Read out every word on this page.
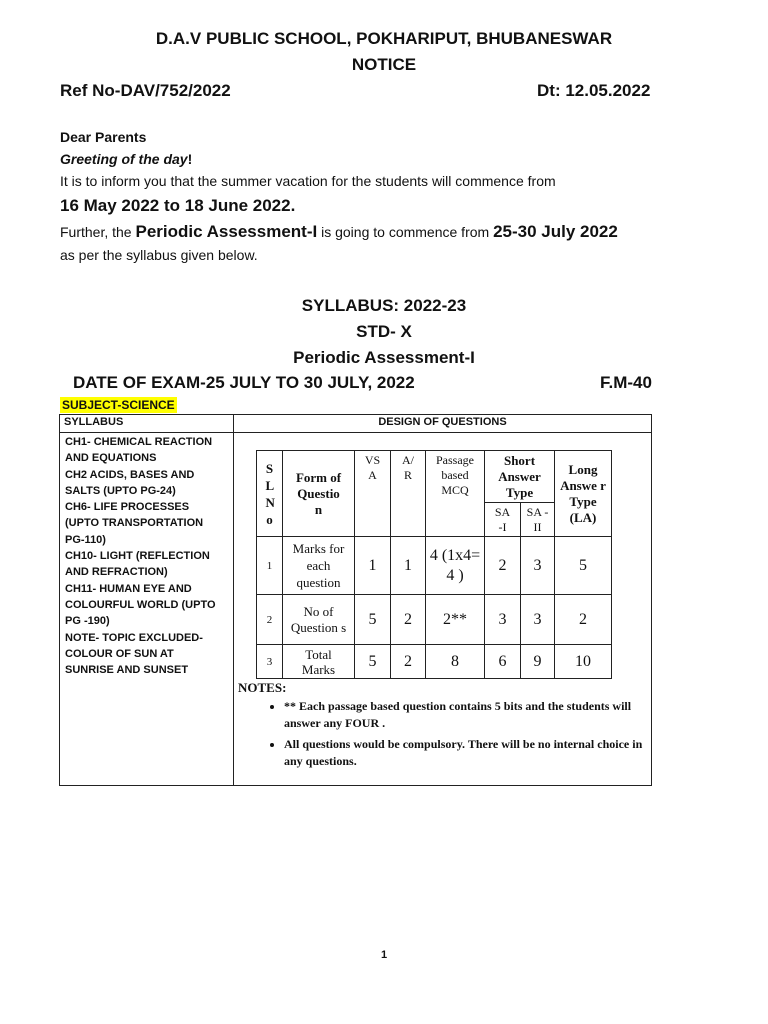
D.A.V PUBLIC SCHOOL, POKHARIPUT, BHUBANESWAR
NOTICE
Ref No-DAV/752/2022	Dt: 12.05.2022
Dear Parents
Greeting of the day!
It is to inform you that the summer vacation for the students will commence from
16 May 2022 to 18 June 2022.
Further, the Periodic Assessment-I is going to commence from 25-30 July 2022
as per the syllabus given below.
SYLLABUS: 2022-23
STD- X
Periodic Assessment-I
DATE OF EXAM-25 JULY TO 30 JULY, 2022	F.M-40
SUBJECT-SCIENCE
SYLLABUS	DESIGN OF QUESTIONS
CH1- CHEMICAL REACTION
AND EQUATIONS
CH2 ACIDS, BASES AND
SALTS (UPTO PG-24)
CH6- LIFE PROCESSES
(UPTO TRANSPORTATION
PG-110)
CH10- LIGHT (REFLECTION
AND REFRACTION)
CH11- HUMAN EYE AND
COLOURFUL WORLD (UPTO
PG -190)
NOTE- TOPIC EXCLUDED-
COLOUR OF SUN AT
SUNRISE AND SUNSET
S L N o	Form of Questio n	VS A	A/ R	Passage based MCQ	Short Answer Type		Long Answe r Type (LA)

					SA -I	SA -II	

1	Marks for each question	1	1	4 (1x4=4 )	2	3	5
2	No of Question s	5	2	2**	3	3	2
3	Total Marks	5	2	8	6	9	10
NOTES:
• ** Each passage based question contains 5 bits and the students will answer any FOUR .
• All questions would be compulsory. There will be no internal choice in any questions.
1
